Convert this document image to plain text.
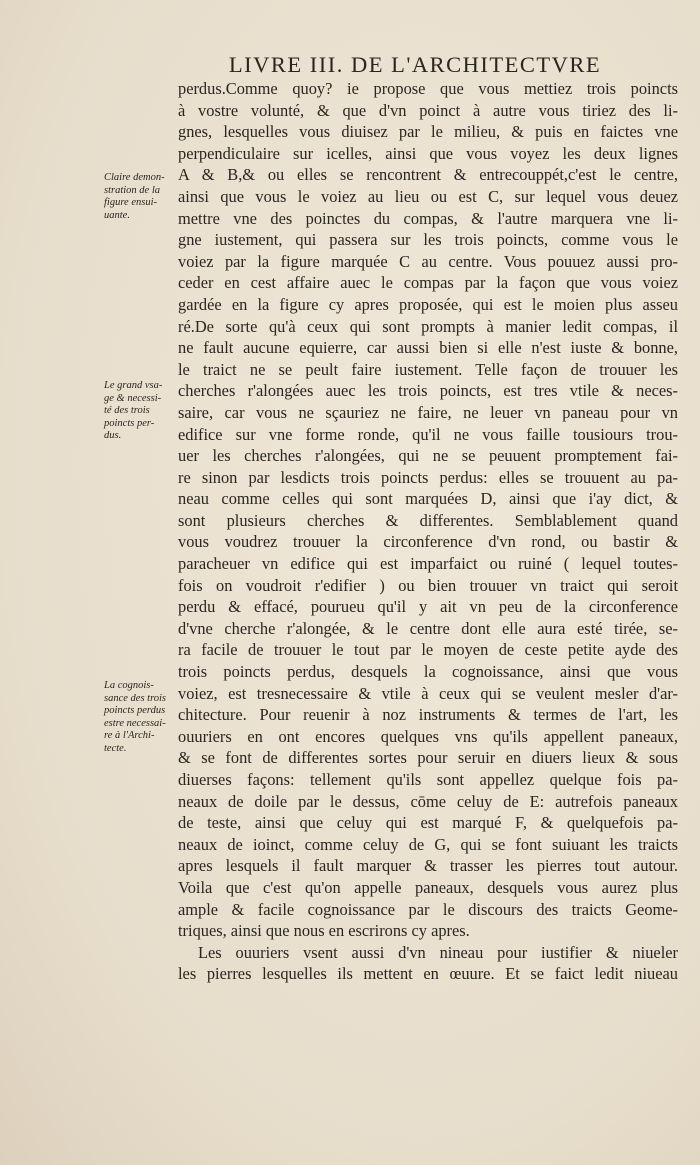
LIVRE III. DE L'ARCHITECTVRE
perdus.Comme quoy? ie propose que vous mettiez trois poincts
à vostre volunté, & que d'vn poinct à autre vous tiriez des li-
gnes, lesquelles vous diuisez par le milieu, & puis en faictes vne
perpendiculaire sur icelles, ainsi que vous voyez les deux lignes
A & B,& ou elles se rencontrent & entrecouppét,c'est le centre,
ainsi que vous le voiez au lieu ou est C, sur lequel vous deuez
mettre vne des poinctes du compas, & l'autre marquera vne li-
gne iustement, qui passera sur les trois poincts, comme vous le
voiez par la figure marquée C au centre. Vous pouuez aussi pro-
ceder en cest affaire auec le compas par la façon que vous voiez
gardée en la figure cy apres proposée, qui est le moien plus asseu
ré.De sorte qu'à ceux qui sont prompts à manier ledit compas, il
ne fault aucune equierre, car aussi bien si elle n'est iuste & bonne,
le traict ne se peult faire iustement. Telle façon de trouuer les
cherches r'alongées auec les trois poincts, est tres vtile & neces-
saire, car vous ne sçauriez ne faire, ne leuer vn paneau pour vn
edifice sur vne forme ronde, qu'il ne vous faille tousiours trou-
uer les cherches r'alongées, qui ne se peuuent promptement fai-
re sinon par lesdicts trois poincts perdus: elles se trouuent au pa-
neau comme celles qui sont marquées D, ainsi que i'ay dict, &
sont plusieurs cherches & differentes. Semblablement quand
vous voudrez trouuer la circonference d'vn rond, ou bastir &
paracheuer vn edifice qui est imparfaict ou ruiné ( lequel toutes-
fois on voudroit r'edifier ) ou bien trouuer vn traict qui seroit
perdu & effacé, pourueu qu'il y ait vn peu de la circonference
d'vne cherche r'alongée, & le centre dont elle aura esté tirée, se-
ra facile de trouuer le tout par le moyen de ceste petite ayde des
trois poincts perdus, desquels la cognoissance, ainsi que vous
voiez, est tresnecessaire & vtile à ceux qui se veulent mesler d'ar-
chitecture. Pour reuenir à noz instruments & termes de l'art, les
ouuriers en ont encores quelques vns qu'ils appellent paneaux,
& se font de differentes sortes pour seruir en diuers lieux & sous
diuerses façons: tellement qu'ils sont appellez quelque fois pa-
neaux de doile par le dessus, cōme celuy de E: autrefois paneaux
de teste, ainsi que celuy qui est marqué F, & quelquefois pa-
neaux de ioinct, comme celuy de G, qui se font suiuant les traicts
apres lesquels il fault marquer & trasser les pierres tout autour.
Voila que c'est qu'on appelle paneaux, desquels vous aurez plus
ample & facile cognoissance par le discours des traicts Geome-
triques, ainsi que nous en escrirons cy apres.
Les ouuriers vsent aussi d'vn nineau pour iustifier & niueler
les pierres lesquelles ils mettent en œuure. Et se faict ledit niueau
Claire demon-
stration de la
figure ensui-
uante.
Le grand vsa-
ge & necessi-
té des trois
poincts per-
dus.
La cognois-
sance des trois
poincts perdus
estre necessai-
re à l'Archi-
tecte.
